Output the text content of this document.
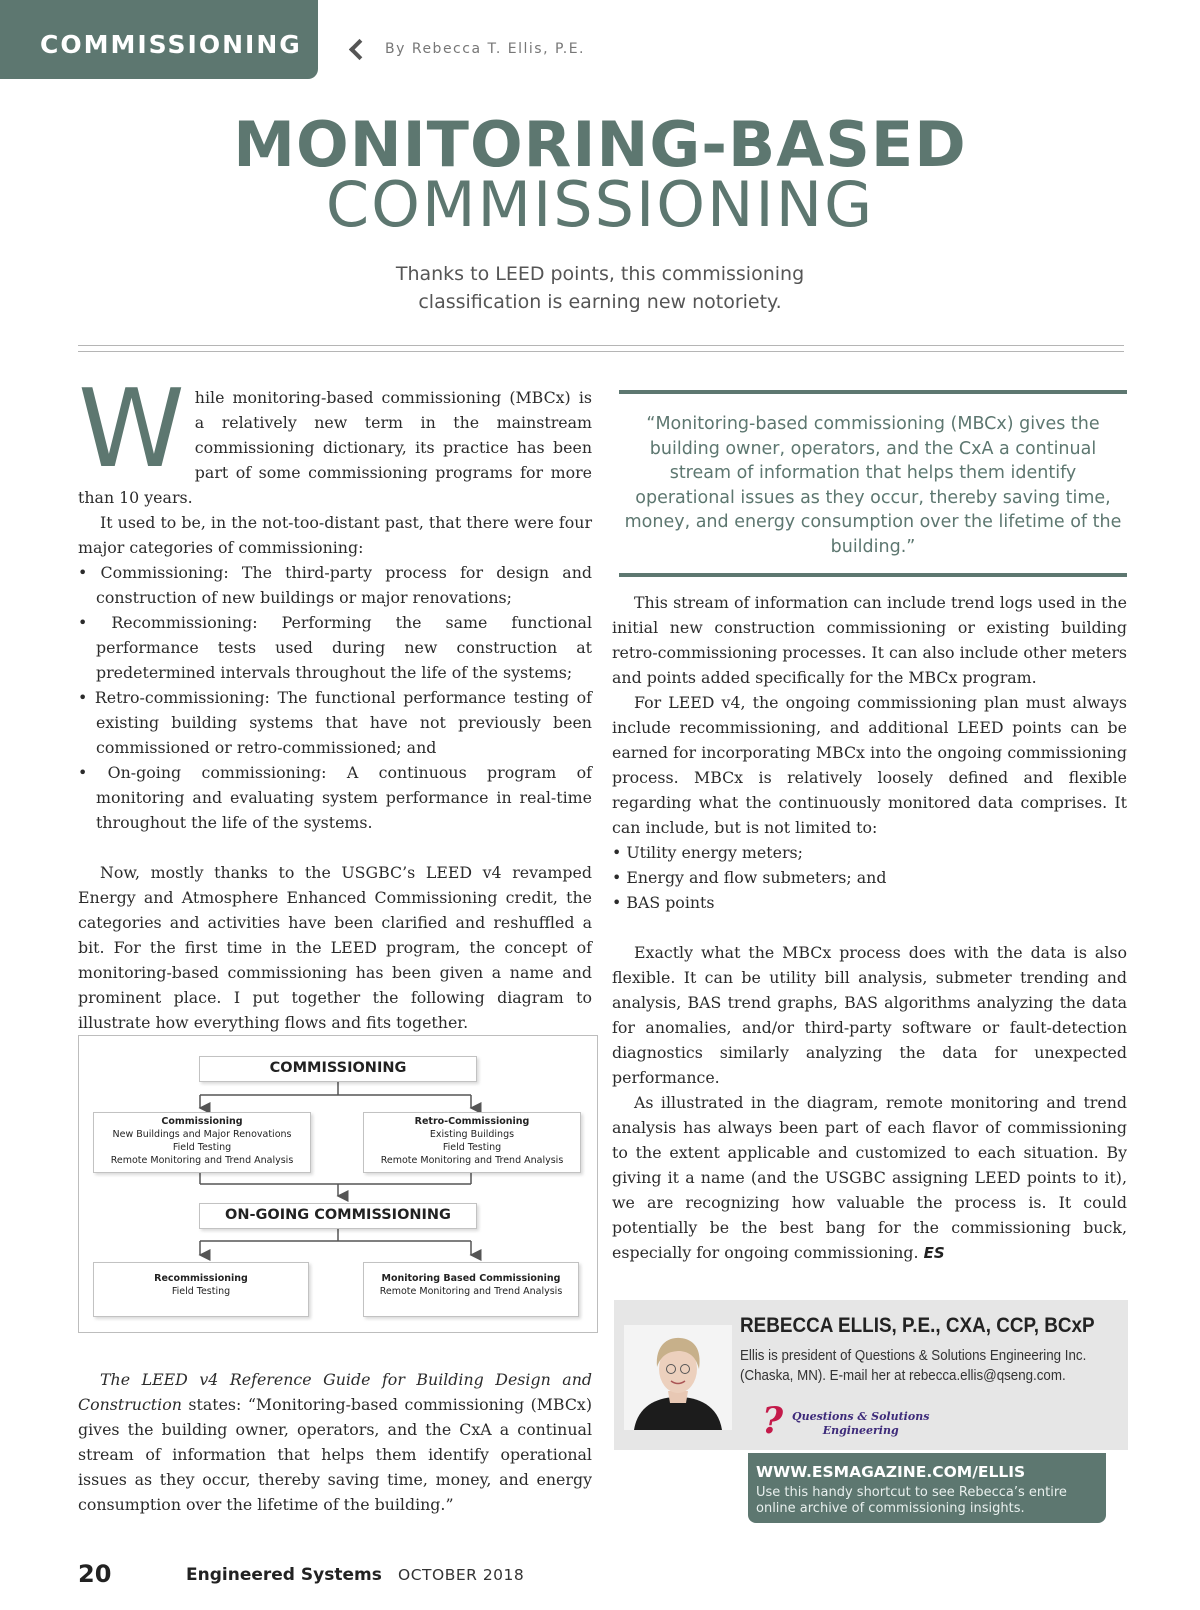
COMMISSIONING	By Rebecca T. Ellis, P.E.
MONITORING-BASED
COMMISSIONING
Thanks to LEED points, this commissioning
classification is earning new notoriety.
W hile monitoring-based commissioning (MBCx) is a relatively new term in the mainstream commissioning dictionary, its practice has been part of some commissioning programs for more than 10 years.

It used to be, in the not-too-distant past, that there were four major categories of commissioning:

• Commissioning: The third-party process for design and construction of new buildings or major renovations;

• Recommissioning: Performing the same functional performance tests used during new construction at predetermined intervals throughout the life of the systems;

• Retro-commissioning: The functional performance testing of existing building systems that have not previously been commissioned or retro-commissioned; and

• On-going commissioning: A continuous program of monitoring and evaluating system performance in real-time throughout the life of the systems.

Now, mostly thanks to the USGBC’s LEED v4 revamped Energy and Atmosphere Enhanced Commissioning credit, the categories and activities have been clarified and reshuffled a bit. For the first time in the LEED program, the concept of monitoring-based commissioning has been given a name and prominent place. I put together the following diagram to illustrate how everything flows and fits together.

COMMISSIONING
Commissioning
New Buildings and Major Renovations
Field Testing
Remote Monitoring and Trend Analysis
Retro-Commissioning
Existing Buildings
Field Testing
Remote Monitoring and Trend Analysis
ON-GOING COMMISSIONING
Recommissioning
Field Testing
Monitoring Based Commissioning
Remote Monitoring and Trend Analysis

The LEED v4 Reference Guide for Building Design and Construction states: “Monitoring-based commissioning (MBCx) gives the building owner, operators, and the CxA a continual stream of information that helps them identify operational issues as they occur, thereby saving time, money, and energy consumption over the lifetime of the building.”

“Monitoring-based commissioning (MBCx) gives the building owner, operators, and the CxA a continual stream of information that helps them identify operational issues as they occur, thereby saving time, money, and energy consumption over the lifetime of the building.”

This stream of information can include trend logs used in the initial new construction commissioning or existing building retro-commissioning processes. It can also include other meters and points added specifically for the MBCx program.

For LEED v4, the ongoing commissioning plan must always include recommissioning, and additional LEED points can be earned for incorporating MBCx into the ongoing commissioning process. MBCx is relatively loosely defined and flexible regarding what the continuously monitored data comprises. It can include, but is not limited to:

• Utility energy meters;

• Energy and flow submeters; and

• BAS points

Exactly what the MBCx process does with the data is also flexible. It can be utility bill analysis, submeter trending and analysis, BAS trend graphs, BAS algorithms analyzing the data for anomalies, and/or third-party software or fault-detection diagnostics similarly analyzing the data for unexpected performance.

As illustrated in the diagram, remote monitoring and trend analysis has always been part of each flavor of commissioning to the extent applicable and customized to each situation. By giving it a name (and the USGBC assigning LEED points to it), we are recognizing how valuable the process is. It could potentially be the best bang for the commissioning buck, especially for ongoing commissioning. ES

REBECCA ELLIS, P.E., CXA, CCP, BCxP
Ellis is president of Questions & Solutions Engineering Inc. (Chaska, MN). E-mail her at rebecca.ellis@qseng.com.
? Questions & Solutions
Engineering
WWW.ESMAGAZINE.COM/ELLIS
Use this handy shortcut to see Rebecca’s entire online archive of commissioning insights.
20	Engineered Systems OCTOBER 2018
